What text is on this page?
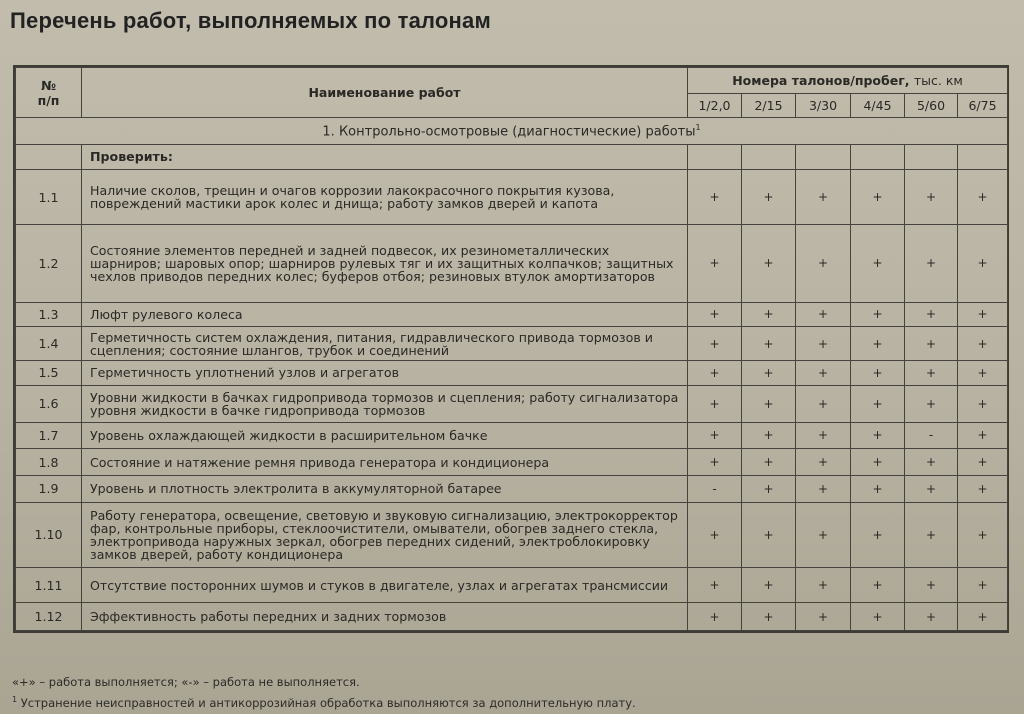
Перечень работ, выполняемых по талонам
№
п/п	Наименование работ	Номера талонов/пробег, тыс. км					
		1/2,0	2/15	3/30	4/45	5/60	6/75
1. Контрольно-осмотровые (диагностические) работы$^1$
	Проверить:						
1.1	Наличие сколов, трещин и очагов коррозии лакокрасочного покрытия кузова, повреждений мастики арок колес и днища; работу замков дверей и капота	+	+	+	+	+	+
1.2	Состояние элементов передней и задней подвесок, их резинометаллических шарниров; шаровых опор; шарниров рулевых тяг и их защитных колпачков; защитных чехлов приводов передних колес; буферов отбоя; резиновых втулок амортизаторов	+	+	+	+	+	+
1.3	Люфт рулевого колеса	+	+	+	+	+	+
1.4	Герметичность систем охлаждения, питания, гидравлического привода тормозов и сцепления; состояние шлангов, трубок и соединений	+	+	+	+	+	+
1.5	Герметичность уплотнений узлов и агрегатов	+	+	+	+	+	+
1.6	Уровни жидкости в бачках гидропривода тормозов и сцепления; работу сигнализатора уровня жидкости в бачке гидропривода тормозов	+	+	+	+	+	+
1.7	Уровень охлаждающей жидкости в расширительном бачке	+	+	+	+	-	+
1.8	Состояние и натяжение ремня привода генератора и кондиционера	+	+	+	+	+	+
1.9	Уровень и плотность электролита в аккумуляторной батарее	-	+	+	+	+	+
1.10	Работу генератора, освещение, световую и звуковую сигнализацию, электрокорректор фар, контрольные приборы, стеклоочистители, омыватели, обогрев заднего стекла, электропривода наружных зеркал, обогрев передних сидений, электроблокировку замков дверей, работу кондиционера	+	+	+	+	+	+
1.11	Отсутствие посторонних шумов и стуков в двигателе, узлах и агрегатах трансмиссии	+	+	+	+	+	+
1.12	Эффективность работы передних и задних тормозов	+	+	+	+	+	+
«+» – работа выполняется; «-» – работа не выполняется.
$^1$ Устранение неисправностей и антикоррозийная обработка выполняются за дополнительную плату.
